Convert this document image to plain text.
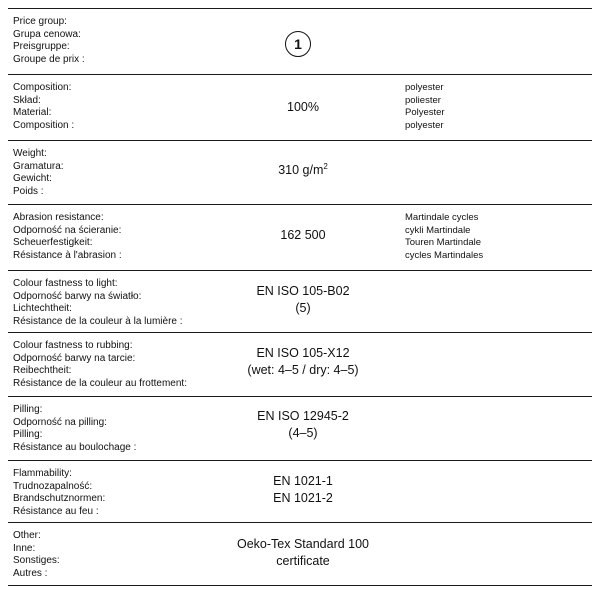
Price group:
Grupa cenowa:
Preisgruppe:
Groupe de prix :
1
Composition:
Skład:
Material:
Composition :
100%
polyester
poliester
Polyester
polyester
Weight:
Gramatura:
Gewicht:
Poids :
310 $g/m^2$
Abrasion resistance:
Odporność na ścieranie:
Scheuerfestigkeit:
Résistance à l'abrasion :
162 500
Martindale cycles
cykli Martindale
Touren Martindale
cycles Martindales
Colour fastness to light:
Odporność barwy na światło:
Lichtechtheit:
Résistance de la couleur à la lumière :
EN ISO 105-B02
(5)
Colour fastness to rubbing:
Odporność barwy na tarcie:
Reibechtheit:
Résistance de la couleur au frottement:
EN ISO 105-X12
(wet: 4–5 / dry: 4–5)
Pilling:
Odporność na pilling:
Pilling:
Résistance au boulochage :
EN ISO 12945-2
(4–5)
Flammability:
Trudnozapalność:
Brandschutznormen:
Résistance au feu :
EN 1021-1
EN 1021-2
Other:
Inne:
Sonstiges:
Autres :
Oeko-Tex Standard 100
certificate
